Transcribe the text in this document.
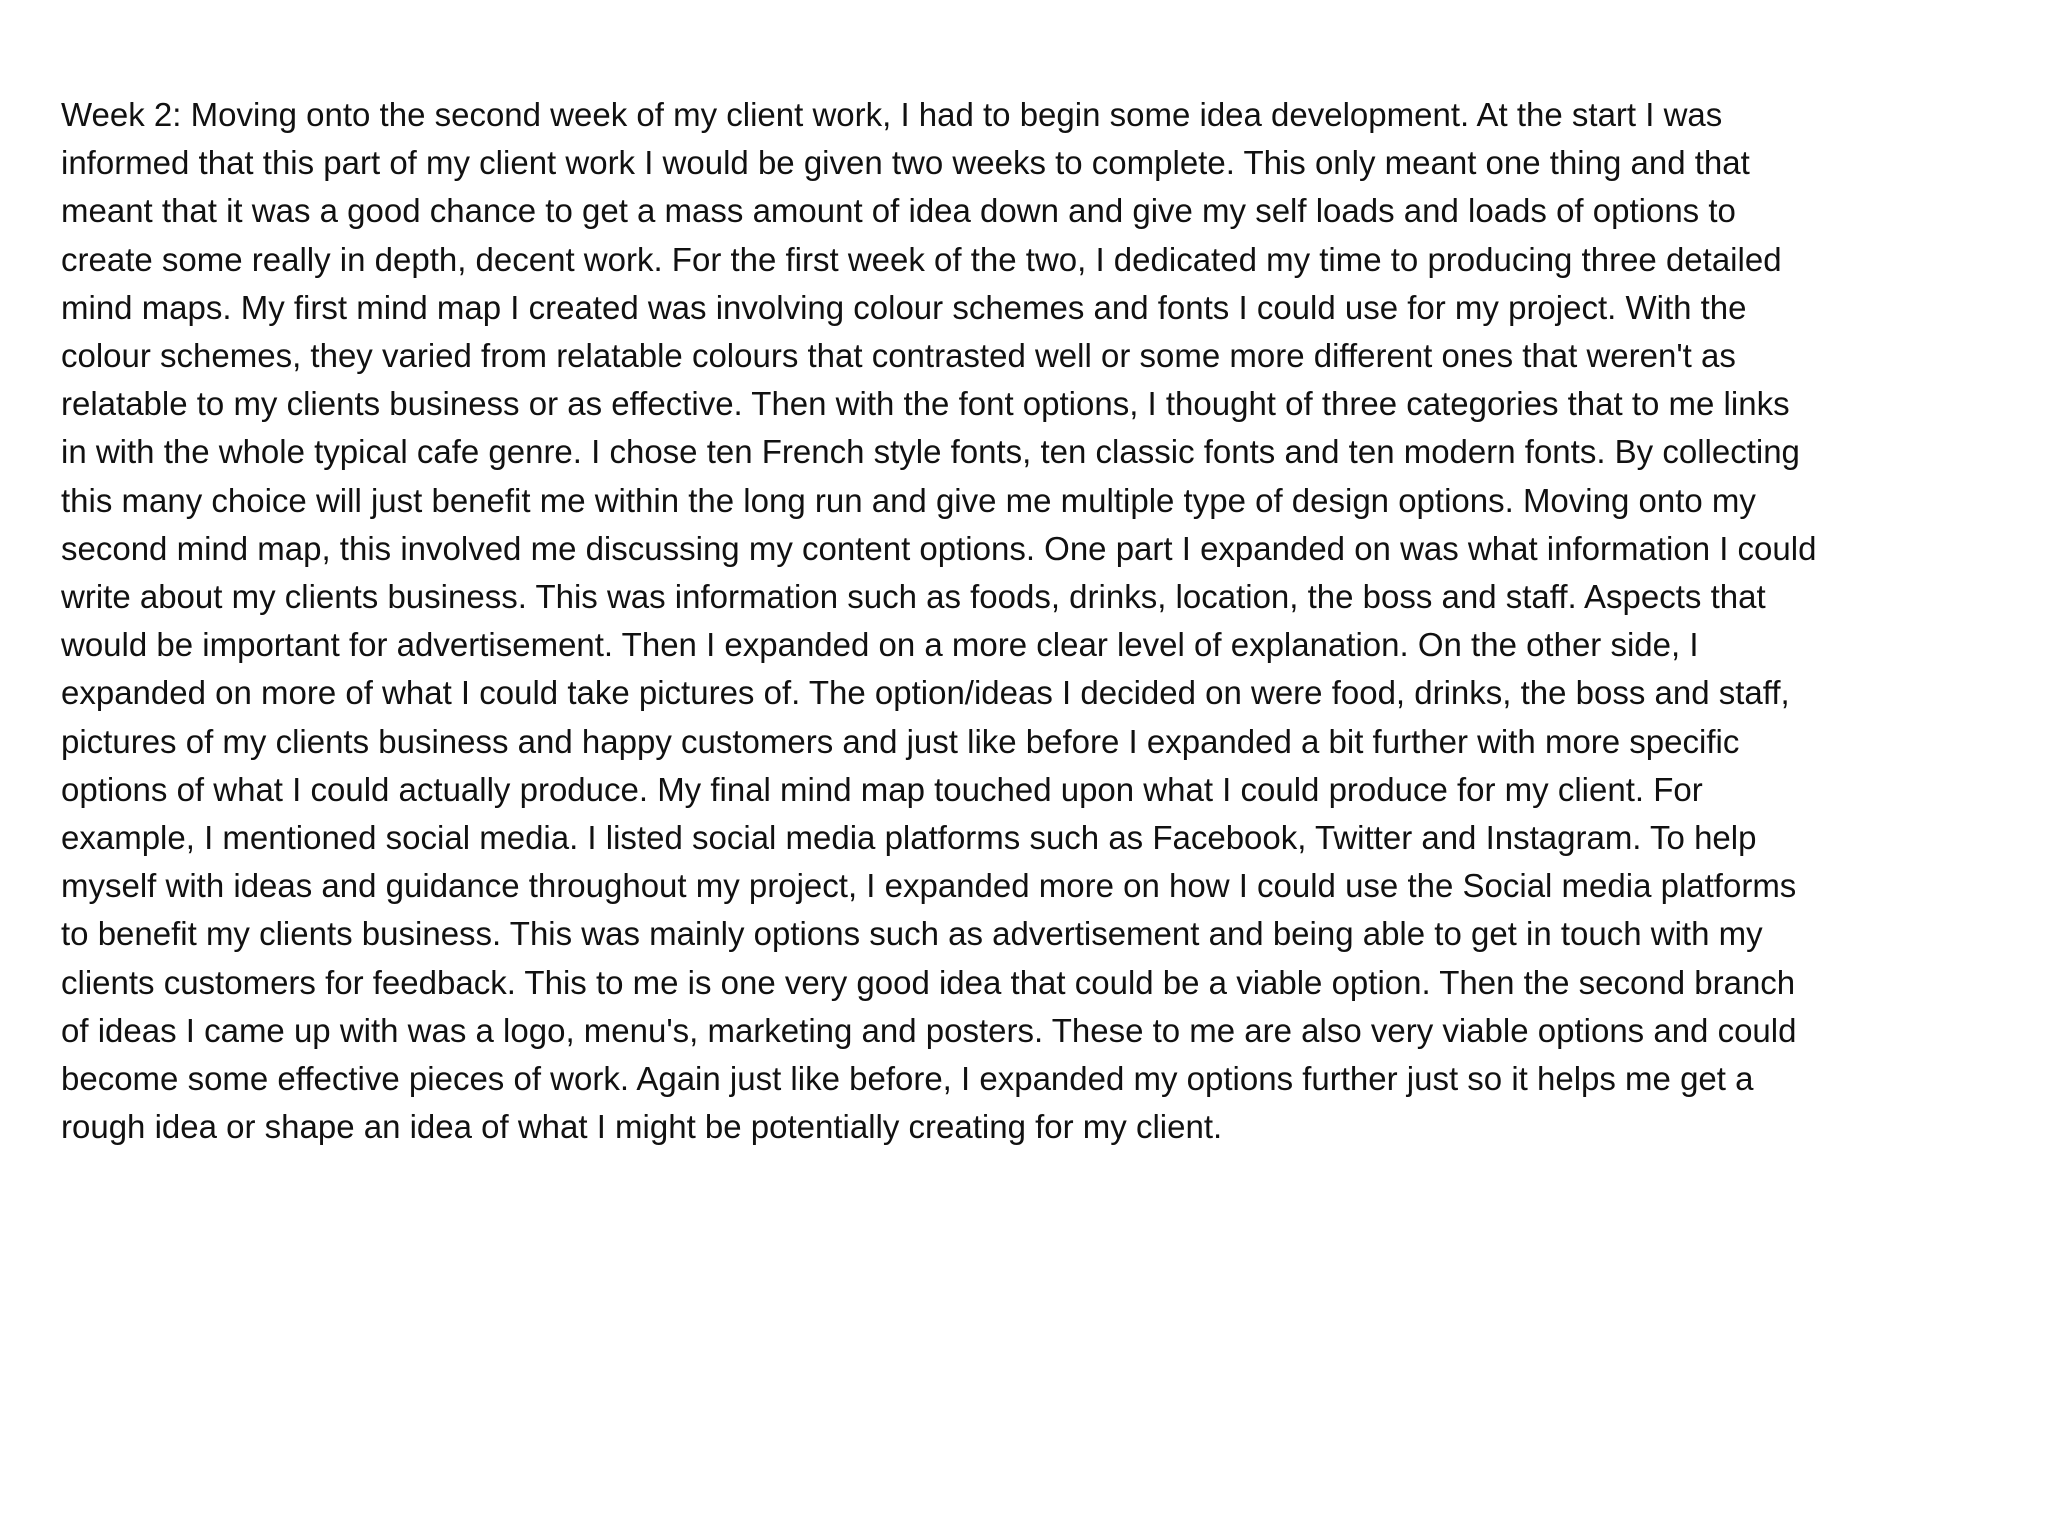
Week 2: Moving onto the second week of my client work, I had to begin some idea development. At the start I was
informed that this part of my client work I would be given two weeks to complete. This only meant one thing and that
meant that it was a good chance to get a mass amount of idea down and give my self loads and loads of options to
create some really in depth, decent work. For the first week of the two, I dedicated my time to producing three detailed
mind maps. My first mind map I created was involving colour schemes and fonts I could use for my project. With the
colour schemes, they varied from relatable colours that contrasted well or some more different ones that weren't as
relatable to my clients business or as effective. Then with the font options, I thought of three categories that to me links
in with the whole typical cafe genre. I chose ten French style fonts, ten classic fonts and ten modern fonts. By collecting
this many choice will just benefit me within the long run and give me multiple type of design options. Moving onto my
second mind map, this involved me discussing my content options. One part I expanded on was what information I could
write about my clients business. This was information such as foods, drinks, location, the boss and staff. Aspects that
would be important for advertisement. Then I expanded on a more clear level of explanation. On the other side, I
expanded on more of what I could take pictures of. The option/ideas I decided on were food, drinks, the boss and staff,
pictures of my clients business and happy customers and just like before I expanded a bit further with more specific
options of what I could actually produce. My final mind map touched upon what I could produce for my client. For
example, I mentioned social media. I listed social media platforms such as Facebook, Twitter and Instagram. To help
myself with ideas and guidance throughout my project, I expanded more on how I could use the Social media platforms
to benefit my clients business. This was mainly options such as advertisement and being able to get in touch with my
clients customers for feedback. This to me is one very good idea that could be a viable option. Then the second branch
of ideas I came up with was a logo, menu's, marketing and posters. These to me are also very viable options and could
become some effective pieces of work. Again just like before, I expanded my options further just so it helps me get a
rough idea or shape an idea of what I might be potentially creating for my client.
